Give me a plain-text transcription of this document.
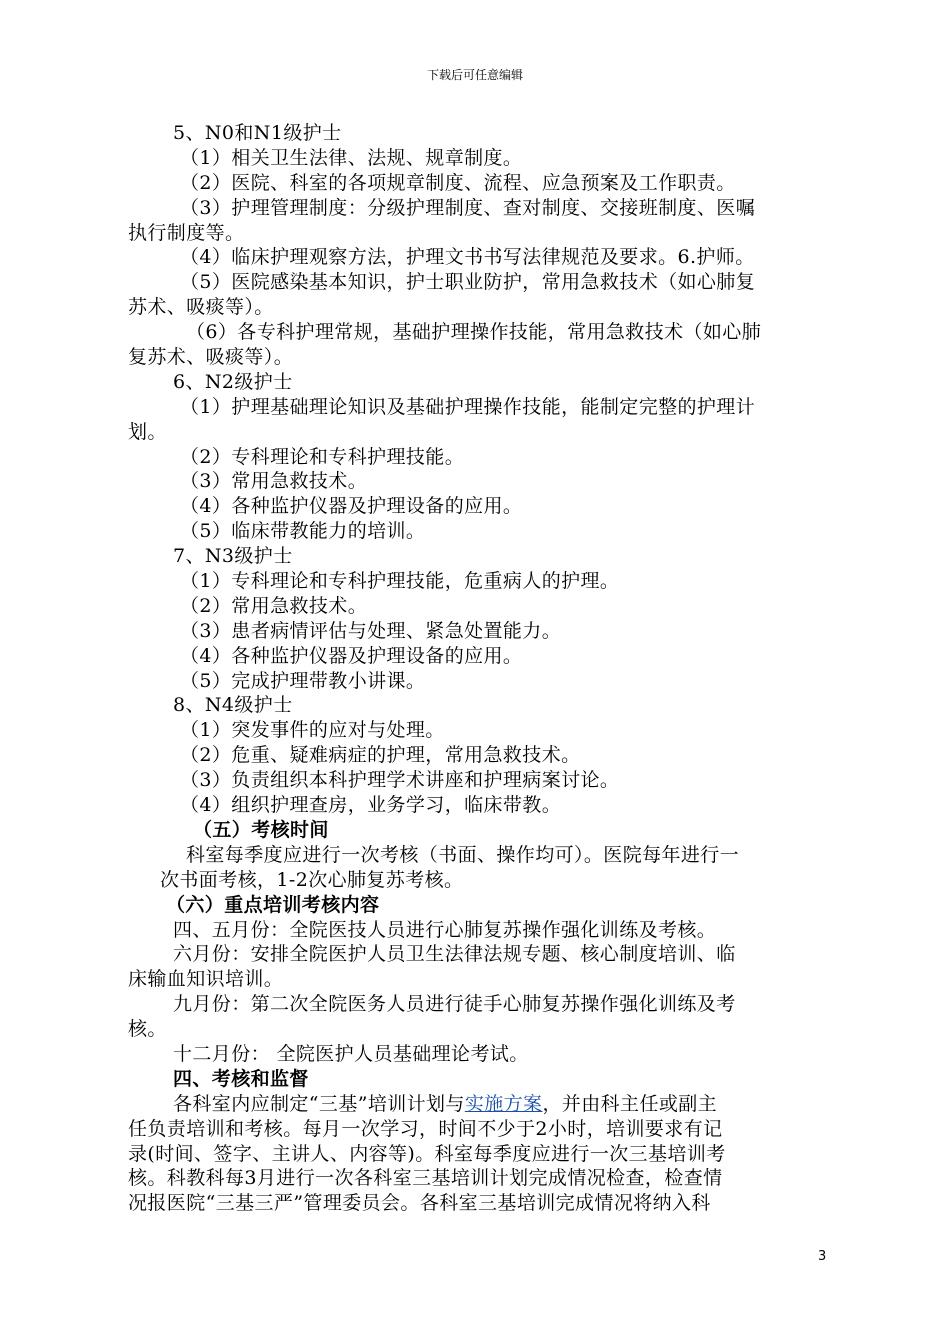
下载后可任意编辑
5、N0和N1级护士
（1）相关卫生法律、法规、规章制度。
（2）医院、科室的各项规章制度、流程、应急预案及工作职责。
（3）护理管理制度：分级护理制度、查对制度、交接班制度、医嘱
执行制度等。
（4）临床护理观察方法，护理文书书写法律规范及要求。6.护师。
（5）医院感染基本知识，护士职业防护，常用急救技术（如心肺复
苏术、吸痰等）。
（6）各专科护理常规，基础护理操作技能，常用急救技术（如心肺
复苏术、吸痰等）。
6、N2级护士
（1）护理基础理论知识及基础护理操作技能，能制定完整的护理计
划。
（2）专科理论和专科护理技能。
（3）常用急救技术。
（4）各种监护仪器及护理设备的应用。
（5）临床带教能力的培训。
7、N3级护士
（1）专科理论和专科护理技能，危重病人的护理。
（2）常用急救技术。
（3）患者病情评估与处理、紧急处置能力。
（4）各种监护仪器及护理设备的应用。
（5）完成护理带教小讲课。
8、N4级护士
（1）突发事件的应对与处理。
（2）危重、疑难病症的护理，常用急救技术。
（3）负责组织本科护理学术讲座和护理病案讨论。
（4）组织护理查房，业务学习，临床带教。
（五）考核时间
科室每季度应进行一次考核（书面、操作均可）。医院每年进行一
次书面考核，1-2次心肺复苏考核。
（六）重点培训考核内容
四、五月份：全院医技人员进行心肺复苏操作强化训练及考核。
六月份：安排全院医护人员卫生法律法规专题、核心制度培训、临
床输血知识培训。
九月份：第二次全院医务人员进行徒手心肺复苏操作强化训练及考
核。
十二月份： 全院医护人员基础理论考试。
四、考核和监督
各科室内应制定“三基”培训计划与实施方案，并由科主任或副主
任负责培训和考核。每月一次学习，时间不少于2小时，培训要求有记
录(时间、签字、主讲人、内容等)。科室每季度应进行一次三基培训考
核。科教科每3月进行一次各科室三基培训计划完成情况检查，检查情
况报医院“三基三严”管理委员会。各科室三基培训完成情况将纳入科
3
